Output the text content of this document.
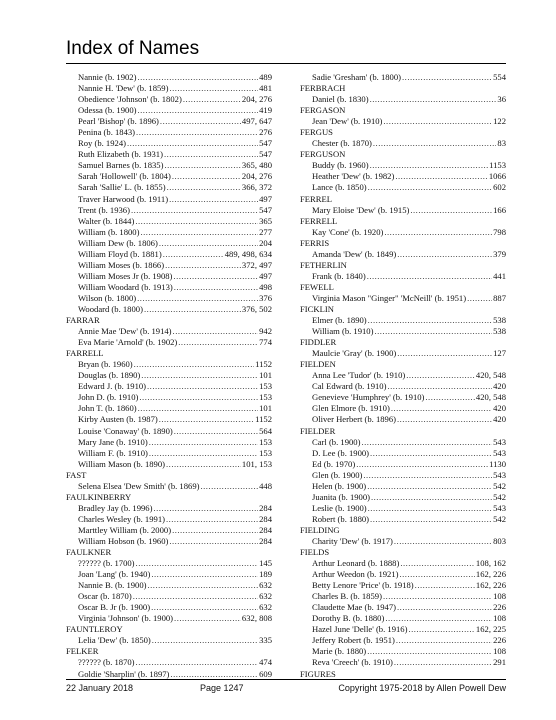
Index of Names
Nannie (b. 1902) .....	489
Nannie H. 'Dew' (b. 1859) .....	481
Obedience 'Johnson' (b. 1802) .....	204, 276
Odessa (b. 1900) .....	419
Pearl 'Bishop' (b. 1896) .....	497, 647
Penina (b. 1843) .....	276
Roy (b. 1924) .....	547
Ruth Elizabeth (b. 1931) .....	547
Samuel Barnes (b. 1835) .....	365, 480
Sarah 'Hollowell' (b. 1804) .....	204, 276
Sarah 'Sallie' L. (b. 1855) .....	366, 372
Traver Harwood (b. 1911) .....	497
Trent (b. 1936) .....	547
Walter (b. 1844) .....	365
William (b. 1800) .....	277
William Dew (b. 1806) .....	204
William Floyd (b. 1881) .....	489, 498, 634
William Moses (b. 1866) .....	372, 497
William Moses Jr (b. 1908) .....	497
William Woodard (b. 1913) .....	498
Wilson (b. 1800) .....	376
Woodard (b. 1800) .....	376, 502
FARRAR
Annie Mae 'Dew' (b. 1914) .....	942
Eva Marie 'Arnold' (b. 1902) .....	774
FARRELL
Bryan (b. 1960) .....	1152
Douglas (b. 1890) .....	101
Edward J. (b. 1910) .....	153
John D. (b. 1910) .....	153
John T. (b. 1860) .....	101
Kirby Austen (b. 1987) .....	1152
Louise 'Conaway' (b. 1890) .....	564
Mary Jane (b. 1910) .....	153
William F. (b. 1910) .....	153
William Mason (b. 1890) .....	101, 153
FAST
Selena Elsea 'Dew Smith' (b. 1869) .....	448
FAULKINBERRY
Bradley Jay (b. 1996) .....	284
Charles Wesley (b. 1991) .....	284
Marttley William (b. 2000) .....	284
William Hobson (b. 1960) .....	284
FAULKNER
?????? (b. 1700) .....	145
Joan 'Lang' (b. 1940) .....	189
Nannie B. (b. 1900) .....	632
Oscar (b. 1870) .....	632
Oscar B. Jr (b. 1900) .....	632
Virginia 'Johnson' (b. 1900) .....	632, 808
FAUNTLEROY
Lelia 'Dew' (b. 1850) .....	335
FELKER
?????? (b. 1870) .....	474
Goldie 'Sharplin' (b. 1897) .....	609
Sadie 'Gresham' (b. 1800) .....	554
FERBRACH
Daniel (b. 1830) .....	36
FERGASON
Jean 'Dew' (b. 1910) .....	122
FERGUS
Chester (b. 1870) .....	83
FERGUSON
Buddy (b. 1960) .....	1153
Heather 'Dew' (b. 1982) .....	1066
Lance (b. 1850) .....	602
FERREL
Mary Eloise 'Dew' (b. 1915) .....	166
FERRELL
Kay 'Cone' (b. 1920) .....	798
FERRIS
Amanda 'Dew' (b. 1849) .....	379
FETHERLIN
Frank (b. 1840) .....	441
FEWELL
Virginia Mason "Ginger" 'McNeill' (b. 1951) .....	887
FICKLIN
Elmer (b. 1890) .....	538
William (b. 1910) .....	538
FIDDLER
Maulcie 'Gray' (b. 1900) .....	127
FIELDEN
Anna Lee 'Tudor' (b. 1910) .....	420, 548
Cal Edward (b. 1910) .....	420
Genevieve 'Humphrey' (b. 1910) .....	420, 548
Glen Elmore (b. 1910) .....	420
Oliver Herbert (b. 1896) .....	420
FIELDER
Carl (b. 1900) .....	543
D. Lee (b. 1900) .....	543
Ed (b. 1970) .....	1130
Glen (b. 1900) .....	543
Helen (b. 1900) .....	542
Juanita (b. 1900) .....	542
Leslie (b. 1900) .....	543
Robert (b. 1880) .....	542
FIELDING
Charity 'Dew' (b. 1917) .....	803
FIELDS
Arthur Leonard (b. 1888) .....	108, 162
Arthur Weedon (b. 1921) .....	162, 226
Betty Lenore 'Price' (b. 1918) .....	162, 226
Charles B. (b. 1859) .....	108
Claudette Mae (b. 1947) .....	226
Dorothy B. (b. 1880) .....	108
Hazel June 'Delle' (b. 1916) .....	162, 225
Jeffery Robert (b. 1951) .....	226
Marie (b. 1880) .....	108
Reva 'Creech' (b. 1910) .....	291
FIGURES
22 January 2018	Page 1247	Copyright 1975-2018 by Allen Powell Dew
